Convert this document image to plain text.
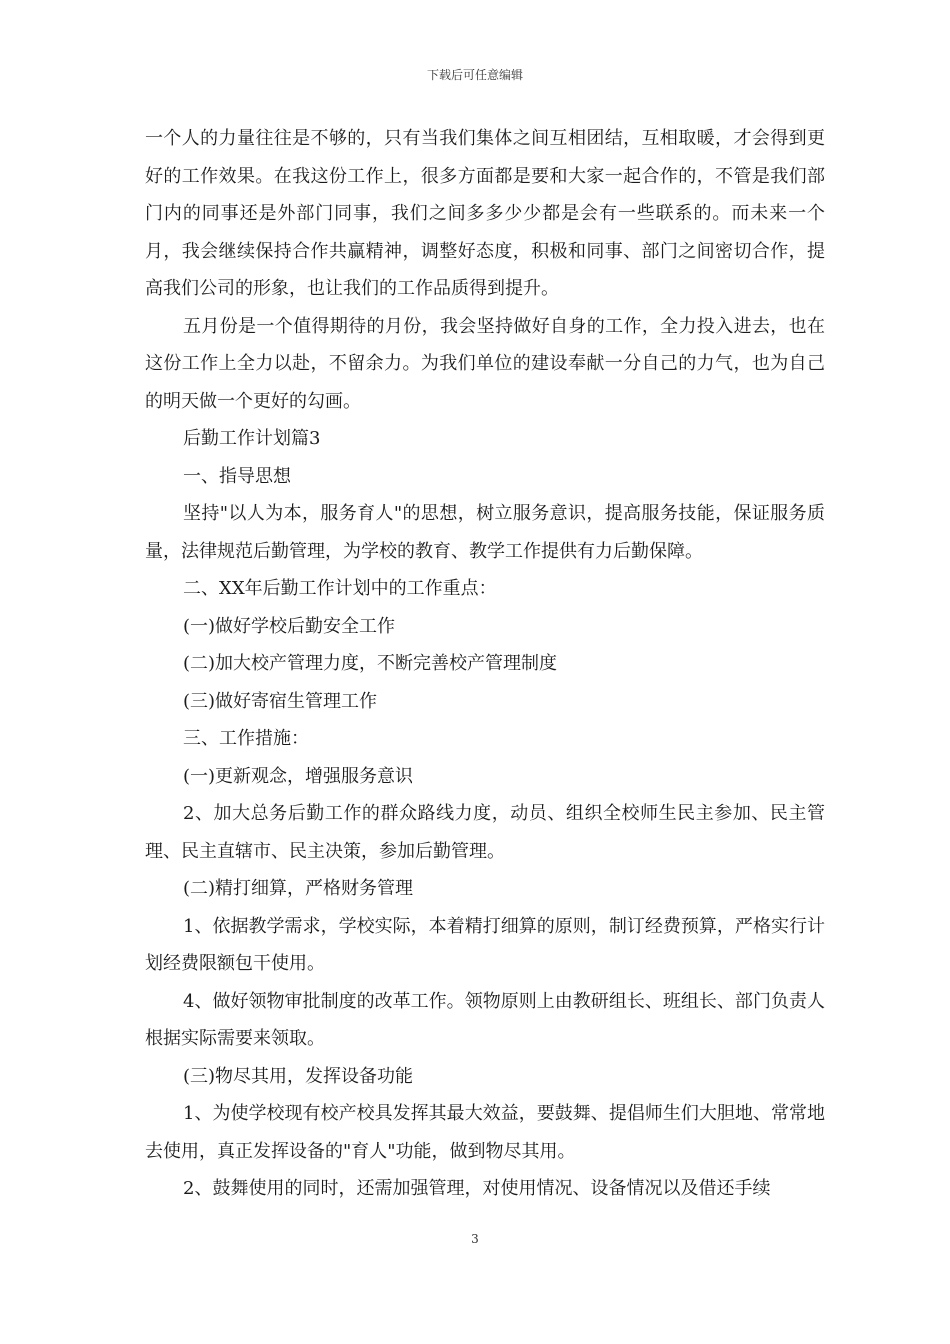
下载后可任意编辑

一个人的力量往往是不够的，只有当我们集体之间互相团结，互相取暖，才会得到更好的工作效果。在我这份工作上，很多方面都是要和大家一起合作的，不管是我们部门内的同事还是外部门同事，我们之间多多少少都是会有一些联系的。而未来一个月，我会继续保持合作共赢精神，调整好态度，积极和同事、部门之间密切合作，提高我们公司的形象，也让我们的工作品质得到提升。

五月份是一个值得期待的月份，我会坚持做好自身的工作，全力投入进去，也在这份工作上全力以赴，不留余力。为我们单位的建设奉献一分自己的力气，也为自己的明天做一个更好的勾画。

后勤工作计划篇3

一、指导思想

坚持"以人为本，服务育人"的思想，树立服务意识，提高服务技能，保证服务质量，法律规范后勤管理，为学校的教育、教学工作提供有力后勤保障。

二、XX年后勤工作计划中的工作重点：

(一)做好学校后勤安全工作

(二)加大校产管理力度，不断完善校产管理制度

(三)做好寄宿生管理工作

三、工作措施：

(一)更新观念，增强服务意识

2、加大总务后勤工作的群众路线力度，动员、组织全校师生民主参加、民主管理、民主直辖市、民主决策，参加后勤管理。

(二)精打细算，严格财务管理

1、依据教学需求，学校实际，本着精打细算的原则，制订经费预算，严格实行计划经费限额包干使用。

4、做好领物审批制度的改革工作。领物原则上由教研组长、班组长、部门负责人根据实际需要来领取。

(三)物尽其用，发挥设备功能

1、为使学校现有校产校具发挥其最大效益，要鼓舞、提倡师生们大胆地、常常地去使用，真正发挥设备的"育人"功能，做到物尽其用。

2、鼓舞使用的同时，还需加强管理，对使用情况、设备情况以及借还手续

3
